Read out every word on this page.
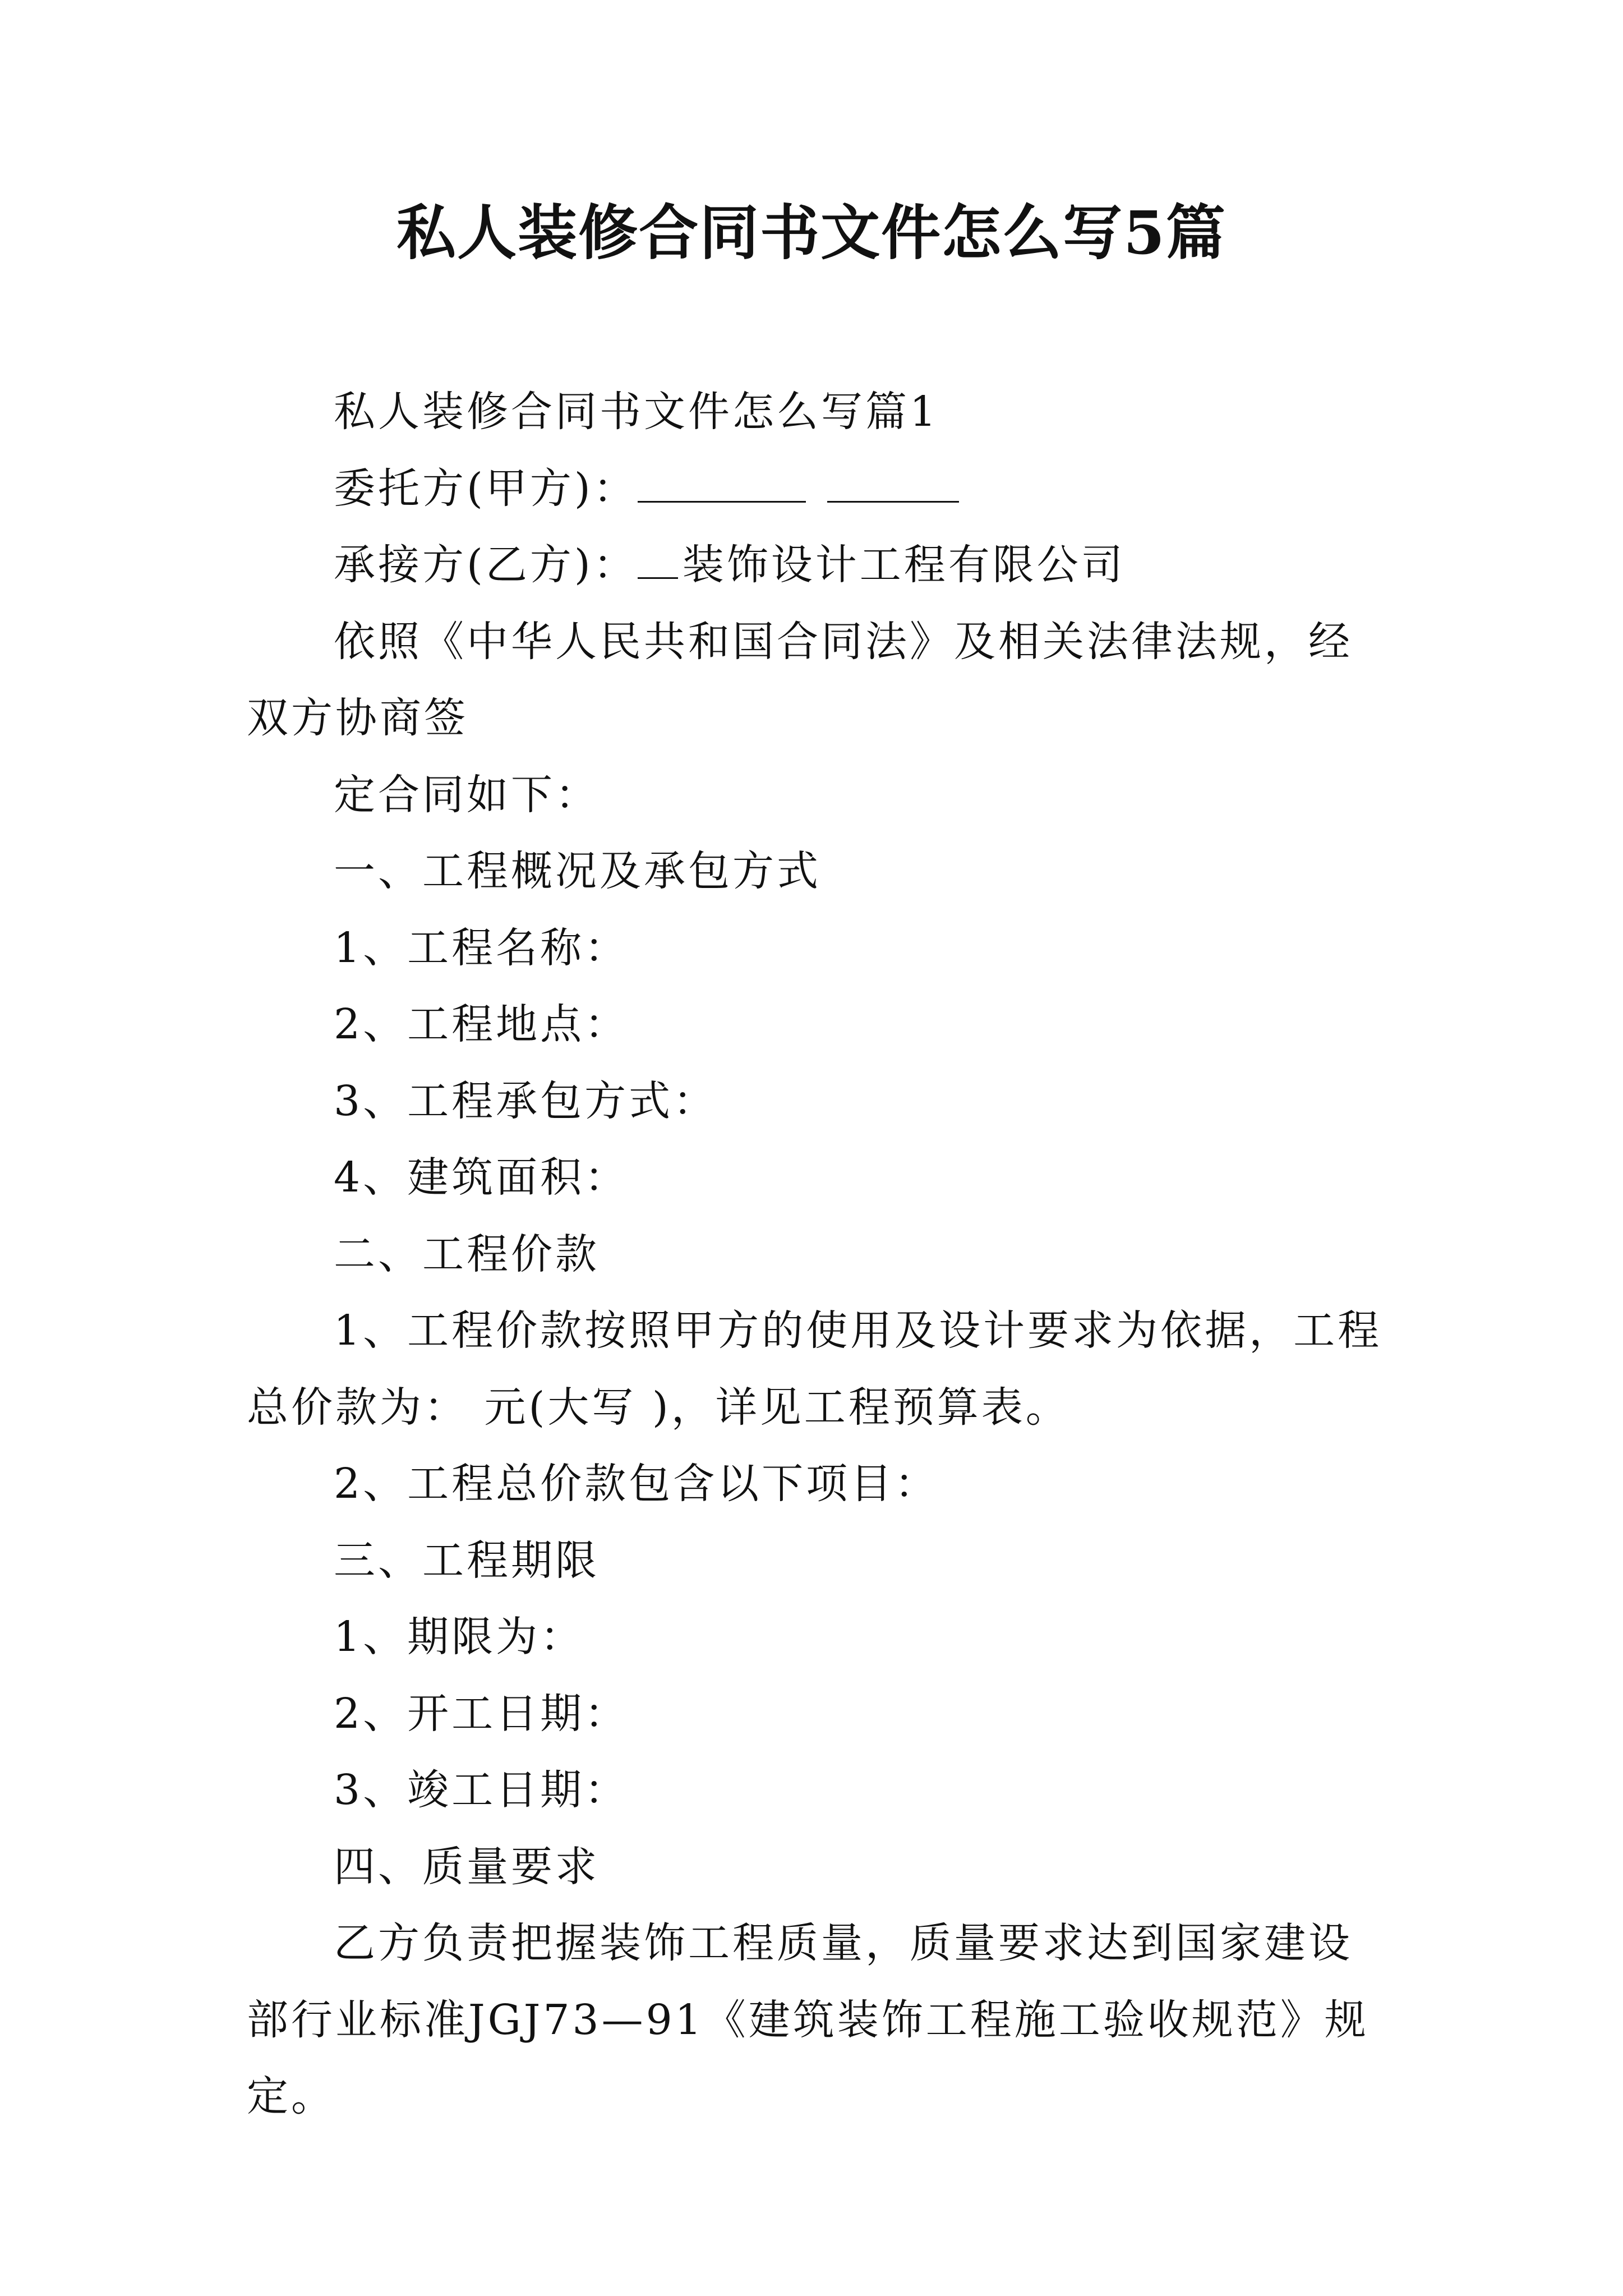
私人装修合同书文件怎么写5篇

私人装修合同书文件怎么写篇1

委托方(甲方)：

承接方(乙方)： 装饰设计工程有限公司

依照《中华人民共和国合同法》及相关法律法规，经双方协商签

定合同如下：

一、工程概况及承包方式

1、工程名称：

2、工程地点：

3、工程承包方式：

4、建筑面积：

二、工程价款

1、工程价款按照甲方的使用及设计要求为依据，工程总价款为： 元(大写 )，详见工程预算表。

2、工程总价款包含以下项目：

三、工程期限

1、期限为：

2、开工日期：

3、竣工日期：

四、质量要求

乙方负责把握装饰工程质量，质量要求达到国家建设部行业标准JGJ73—91《建筑装饰工程施工验收规范》规定。
